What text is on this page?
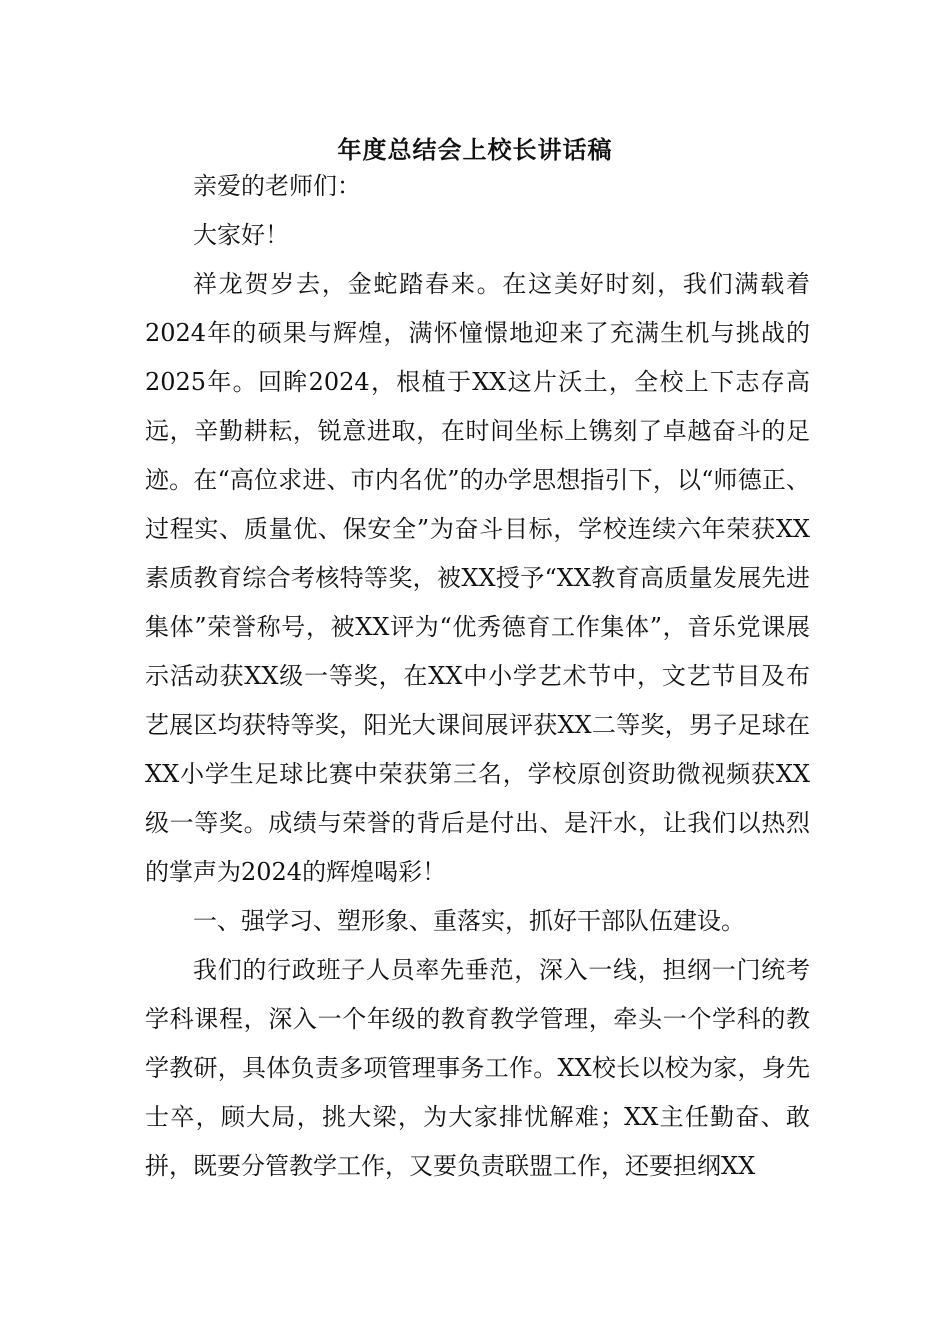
年度总结会上校长讲话稿

亲爱的老师们：

大家好！

祥龙贺岁去，金蛇踏春来。在这美好时刻，我们满载着2024年的硕果与辉煌，满怀憧憬地迎来了充满生机与挑战的2025年。回眸2024，根植于XX这片沃土，全校上下志存高远，辛勤耕耘，锐意进取，在时间坐标上镌刻了卓越奋斗的足迹。在“高位求进、市内名优”的办学思想指引下，以“师德正、过程实、质量优、保安全”为奋斗目标，学校连续六年荣获XX素质教育综合考核特等奖，被XX授予“XX教育高质量发展先进集体”荣誉称号，被XX评为“优秀德育工作集体”，音乐党课展示活动获XX级一等奖，在XX中小学艺术节中，文艺节目及布艺展区均获特等奖，阳光大课间展评获XX二等奖，男子足球在XX小学生足球比赛中荣获第三名，学校原创资助微视频获XX级一等奖。成绩与荣誉的背后是付出、是汗水，让我们以热烈的掌声为2024的辉煌喝彩！

一、强学习、塑形象、重落实，抓好干部队伍建设。

我们的行政班子人员率先垂范，深入一线，担纲一门统考学科课程，深入一个年级的教育教学管理，牵头一个学科的教学教研，具体负责多项管理事务工作。XX校长以校为家，身先士卒，顾大局，挑大梁，为大家排忧解难；XX主任勤奋、敢拼，既要分管教学工作，又要负责联盟工作，还要担纲XX
